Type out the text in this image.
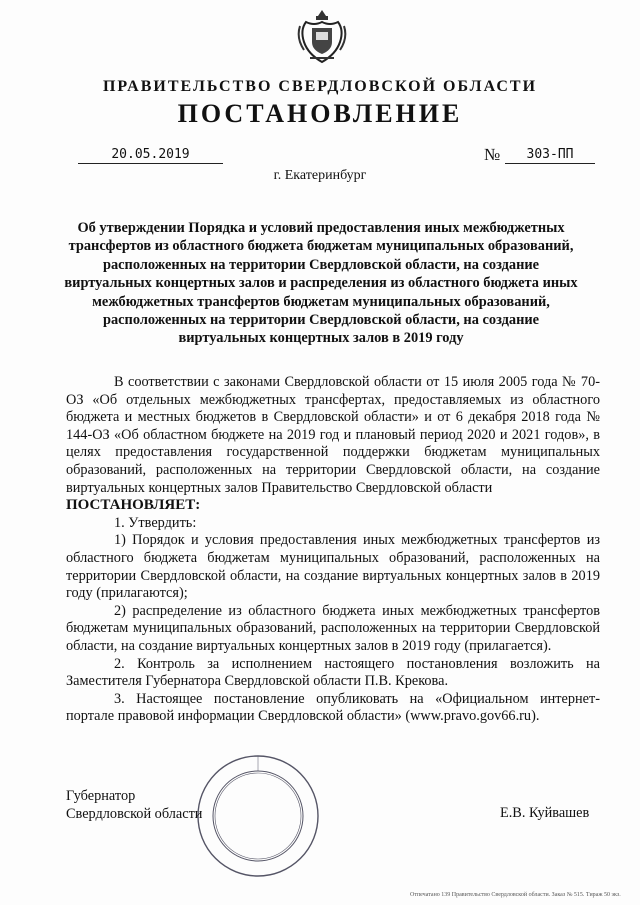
ПРАВИТЕЛЬСТВО СВЕРДЛОВСКОЙ ОБЛАСТИ
ПОСТАНОВЛЕНИЕ
20.05.2019	№	303-ПП
г. Екатеринбург
Об утверждении Порядка и условий предоставления иных межбюджетных трансфертов из областного бюджета бюджетам муниципальных образований, расположенных на территории Свердловской области, на создание виртуальных концертных залов и распределения из областного бюджета иных межбюджетных трансфертов бюджетам муниципальных образований, расположенных на территории Свердловской области, на создание виртуальных концертных залов в 2019 году

В соответствии с законами Свердловской области от 15 июля 2005 года № 70-ОЗ «Об отдельных межбюджетных трансфертах, предоставляемых из областного бюджета и местных бюджетов в Свердловской области» и от 6 декабря 2018 года № 144-ОЗ «Об областном бюджете на 2019 год и плановый период 2020 и 2021 годов», в целях предоставления государственной поддержки бюджетам муниципальных образований, расположенных на территории Свердловской области, на создание виртуальных концертных залов Правительство Свердловской области

ПОСТАНОВЛЯЕТ:

1. Утвердить:

1) Порядок и условия предоставления иных межбюджетных трансфертов из областного бюджета бюджетам муниципальных образований, расположенных на территории Свердловской области, на создание виртуальных концертных залов в 2019 году (прилагаются);

2) распределение из областного бюджета иных межбюджетных трансфертов бюджетам муниципальных образований, расположенных на территории Свердловской области, на создание виртуальных концертных залов в 2019 году (прилагается).

2. Контроль за исполнением настоящего постановления возложить на Заместителя Губернатора Свердловской области П.В. Крекова.

3. Настоящее постановление опубликовать на «Официальном интернет-портале правовой информации Свердловской области» (www.pravo.gov66.ru).

Губернатор
Свердловской области	Е.В. Куйвашев
Отпечатано 139 Правительство Свердловской области. Заказ № 515. Тираж 50 экз.
